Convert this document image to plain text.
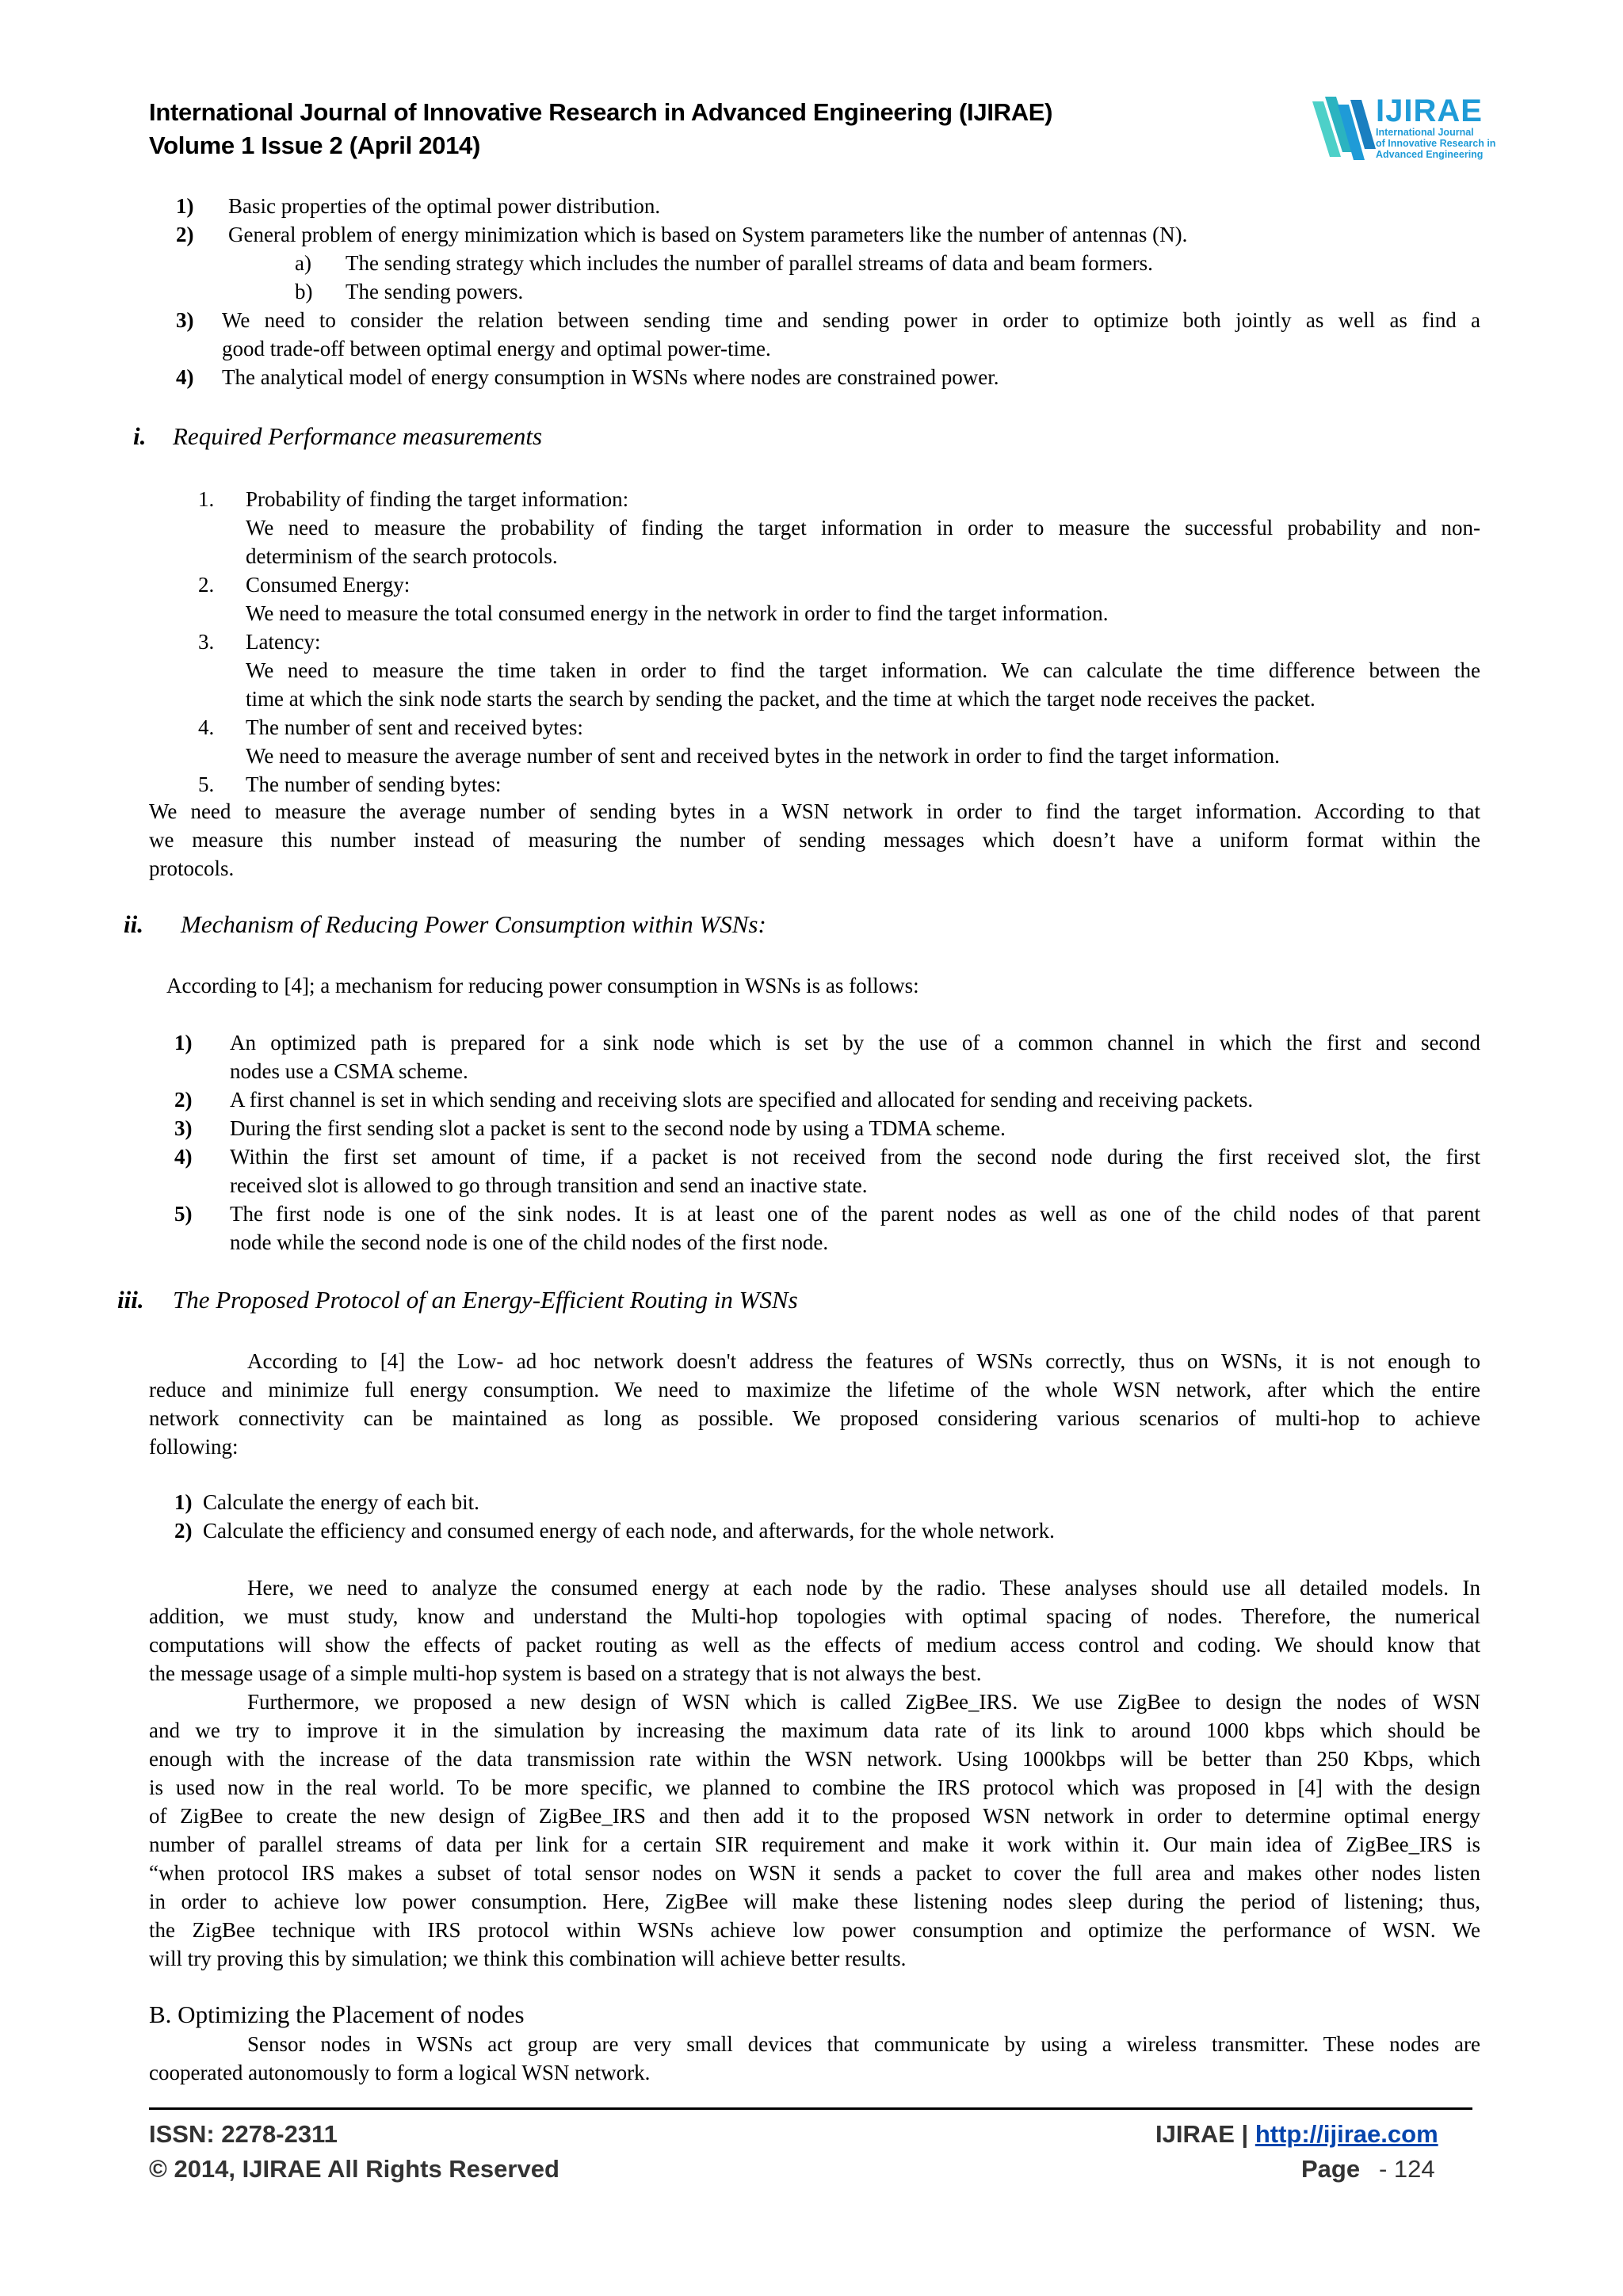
International Journal of Innovative Research in Advanced Engineering (IJIRAE)
Volume 1 Issue 2 (April 2014)
IJIRAE
International Journal
of Innovative Research in
Advanced Engineering
1) Basic properties of the optimal power distribution.
2) General problem of energy minimization which is based on System parameters like the number of antennas (N).
a) The sending strategy which includes the number of parallel streams of data and beam formers.
b) The sending powers.
3) We need to consider the relation between sending time and sending power in order to optimize both jointly as well as find a
good trade-off between optimal energy and optimal power-time.
4) The analytical model of energy consumption in WSNs where nodes are constrained power.
i. Required Performance measurements
1. Probability of finding the target information:
We need to measure the probability of finding the target information in order to measure the successful probability and non-
determinism of the search protocols.
2. Consumed Energy:
We need to measure the total consumed energy in the network in order to find the target information.
3. Latency:
We need to measure the time taken in order to find the target information. We can calculate the time difference between the
time at which the sink node starts the search by sending the packet, and the time at which the target node receives the packet.
4. The number of sent and received bytes:
We need to measure the average number of sent and received bytes in the network in order to find the target information.
5. The number of sending bytes:
We need to measure the average number of sending bytes in a WSN network in order to find the target information. According to that
we measure this number instead of measuring the number of sending messages which doesn’t have a uniform format within the
protocols.
ii. Mechanism of Reducing Power Consumption within WSNs:
According to [4]; a mechanism for reducing power consumption in WSNs is as follows:
1) An optimized path is prepared for a sink node which is set by the use of a common channel in which the first and second
nodes use a CSMA scheme.
2) A first channel is set in which sending and receiving slots are specified and allocated for sending and receiving packets.
3) During the first sending slot a packet is sent to the second node by using a TDMA scheme.
4) Within the first set amount of time, if a packet is not received from the second node during the first received slot, the first
received slot is allowed to go through transition and send an inactive state.
5) The first node is one of the sink nodes. It is at least one of the parent nodes as well as one of the child nodes of that parent
node while the second node is one of the child nodes of the first node.
iii. The Proposed Protocol of an Energy-Efficient Routing in WSNs
According to [4] the Low- ad hoc network doesn't address the features of WSNs correctly, thus on WSNs, it is not enough to
reduce and minimize full energy consumption. We need to maximize the lifetime of the whole WSN network, after which the entire
network connectivity can be maintained as long as possible. We proposed considering various scenarios of multi-hop to achieve
following:
1) Calculate the energy of each bit.
2) Calculate the efficiency and consumed energy of each node, and afterwards, for the whole network.
Here, we need to analyze the consumed energy at each node by the radio. These analyses should use all detailed models. In
addition, we must study, know and understand the Multi-hop topologies with optimal spacing of nodes. Therefore, the numerical
computations will show the effects of packet routing as well as the effects of medium access control and coding. We should know that
the message usage of a simple multi-hop system is based on a strategy that is not always the best.
Furthermore, we proposed a new design of WSN which is called ZigBee_IRS. We use ZigBee to design the nodes of WSN
and we try to improve it in the simulation by increasing the maximum data rate of its link to around 1000 kbps which should be
enough with the increase of the data transmission rate within the WSN network. Using 1000kbps will be better than 250 Kbps, which
is used now in the real world. To be more specific, we planned to combine the IRS protocol which was proposed in [4] with the design
of ZigBee to create the new design of ZigBee_IRS and then add it to the proposed WSN network in order to determine optimal energy
number of parallel streams of data per link for a certain SIR requirement and make it work within it. Our main idea of ZigBee_IRS is
“when protocol IRS makes a subset of total sensor nodes on WSN it sends a packet to cover the full area and makes other nodes listen
in order to achieve low power consumption. Here, ZigBee will make these listening nodes sleep during the period of listening; thus,
the ZigBee technique with IRS protocol within WSNs achieve low power consumption and optimize the performance of WSN. We
will try proving this by simulation; we think this combination will achieve better results.
B. Optimizing the Placement of nodes
Sensor nodes in WSNs act group are very small devices that communicate by using a wireless transmitter. These nodes are
cooperated autonomously to form a logical WSN network.
ISSN: 2278-2311
© 2014, IJIRAE All Rights Reserved
IJIRAE | http://ijirae.com
Page - 124
